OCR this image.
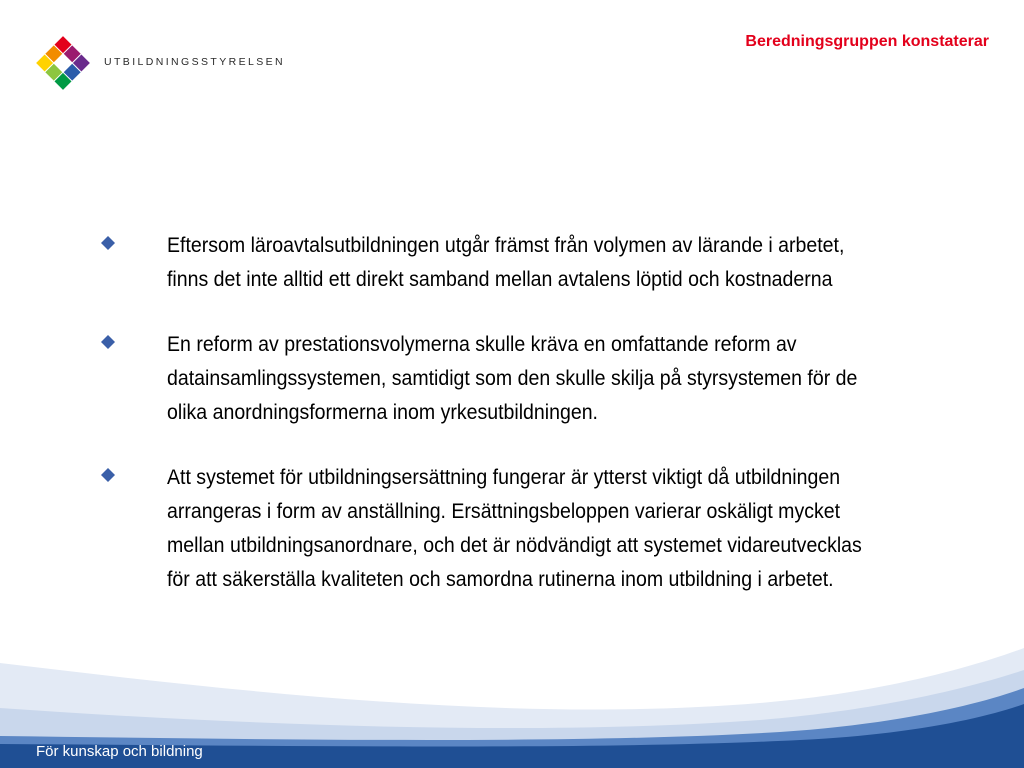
UTBILDNINGSSTYRELSEN
Beredningsgruppen konstaterar
Eftersom läroavtalsutbildningen utgår främst från volymen av lärande i arbetet, finns det inte alltid ett direkt samband mellan avtalens löptid och kostnaderna
En reform av prestationsvolymerna skulle kräva en omfattande reform av datainsamlingssystemen, samtidigt som den skulle skilja på styrsystemen för de olika anordningsformerna inom yrkesutbildningen.
Att systemet för utbildningsersättning fungerar är ytterst viktigt då utbildningen arrangeras i form av anställning. Ersättningsbeloppen varierar oskäligt mycket mellan utbildningsanordnare, och det är nödvändigt att systemet vidareutvecklas för att säkerställa kvaliteten och samordna rutinerna inom utbildning i arbetet.
För kunskap och bildning
